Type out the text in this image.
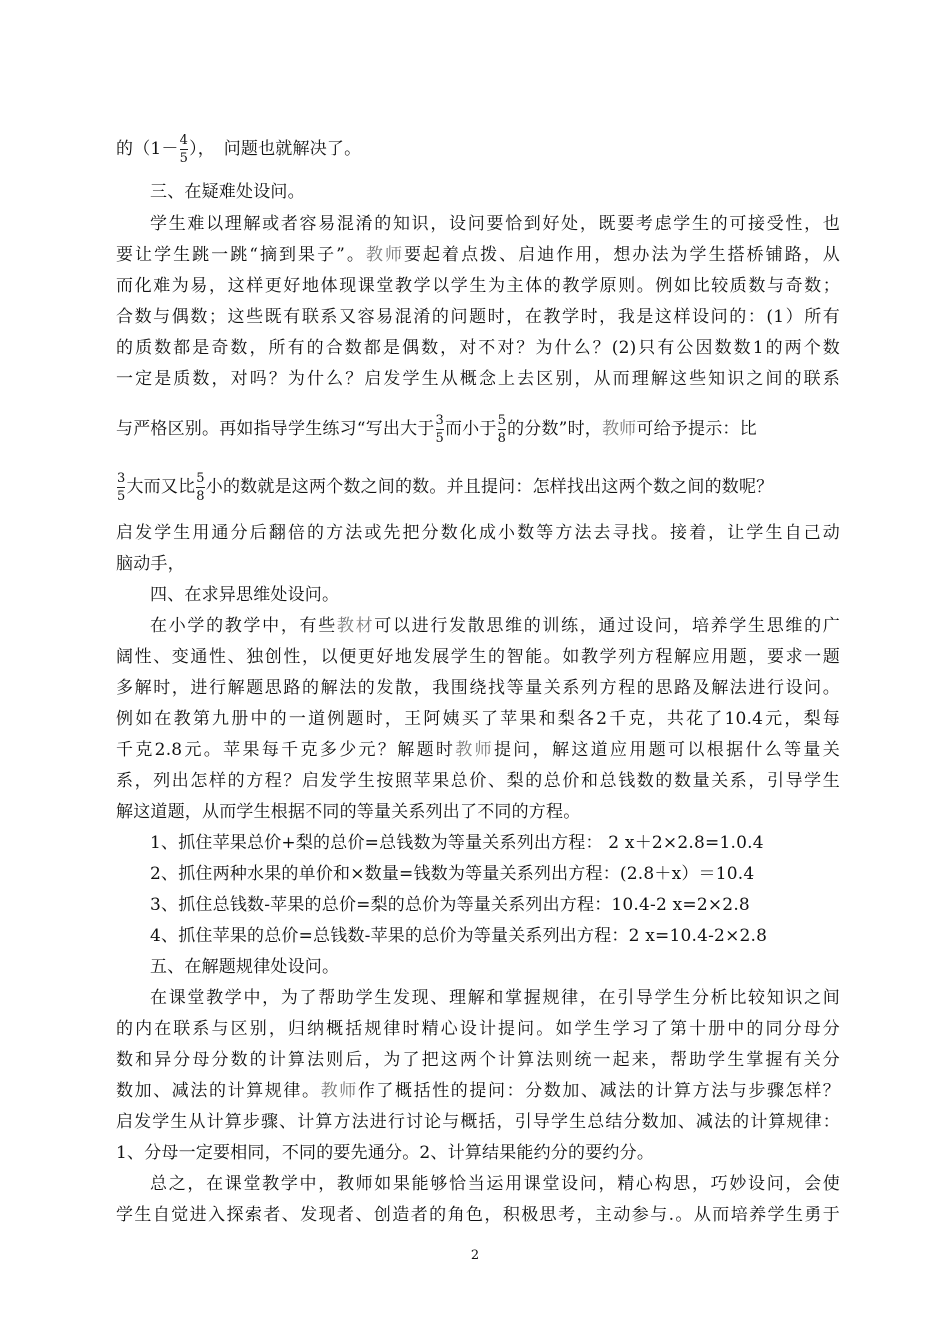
的（$1- \frac{4}{5}$ ），　问题也就解决了。
三、在疑难处设问。
学生难以理解或者容易混淆的知识，设问要恰到好处，既要考虑学生的可接受性，也
要让学生跳一跳“摘到果子”。教师要起着点拨、启迪作用，想办法为学生搭桥铺路，从
而化难为易，这样更好地体现课堂教学以学生为主体的教学原则。例如比较质数与奇数；
合数与偶数；这些既有联系又容易混淆的问题时，在教学时，我是这样设问的：(1）所有
的质数都是奇数，所有的合数都是偶数，对不对？为什么？(2)只有公因数数1的两个数
一定是质数，对吗？为什么？启发学生从概念上去区别，从而理解这些知识之间的联系
与严格区别。再如指导学生练习“写出大于 $\frac{3}{5}$ 而小于 $\frac{5}{8}$ 的分数”时，教师可给予提示：比
$\frac{3}{5}$ 大而又比 $\frac{5}{8}$ 小的数就是这两个数之间的数。并且提问：怎样找出这两个数之间的数呢？
启发学生用通分后翻倍的方法或先把分数化成小数等方法去寻找。接着，让学生自己动
脑动手，
四、在求异思维处设问。
在小学的教学中，有些教材可以进行发散思维的训练，通过设问，培养学生思维的广
阔性、变通性、独创性，以便更好地发展学生的智能。如教学列方程解应用题，要求一题
多解时，进行解题思路的解法的发散，我围绕找等量关系列方程的思路及解法进行设问。
例如在教第九册中的一道例题时，王阿姨买了苹果和梨各2千克，共花了10.4元，梨每
千克2.8元。苹果每千克多少元？解题时教师提问，解这道应用题可以根据什么等量关
系，列出怎样的方程？启发学生按照苹果总价、梨的总价和总钱数的数量关系，引导学生
解这道题，从而学生根据不同的等量关系列出了不同的方程。
1、抓住苹果总价+梨的总价=总钱数为等量关系列出方程： 2 x＋2×2.8=1.0.4
2、抓住两种水果的单价和×数量=钱数为等量关系列出方程：(2.8＋x）＝10.4
3、抓住总钱数-苹果的总价=梨的总价为等量关系列出方程：10.4-2 x=2×2.8
4、抓住苹果的总价=总钱数-苹果的总价为等量关系列出方程：2 x=10.4-2×2.8
五、在解题规律处设问。
在课堂教学中，为了帮助学生发现、理解和掌握规律，在引导学生分析比较知识之间
的内在联系与区别，归纳概括规律时精心设计提问。如学生学习了第十册中的同分母分
数和异分母分数的计算法则后，为了把这两个计算法则统一起来，帮助学生掌握有关分
数加、减法的计算规律。教师作了概括性的提问：分数加、减法的计算方法与步骤怎样？
启发学生从计算步骤、计算方法进行讨论与概括，引导学生总结分数加、减法的计算规律：
1、分母一定要相同，不同的要先通分。2、计算结果能约分的要约分。
总之，在课堂教学中，教师如果能够恰当运用课堂设问，精心构思，巧妙设问，会使
学生自觉进入探索者、发现者、创造者的角色，积极思考，主动参与.。从而培养学生勇于
2
